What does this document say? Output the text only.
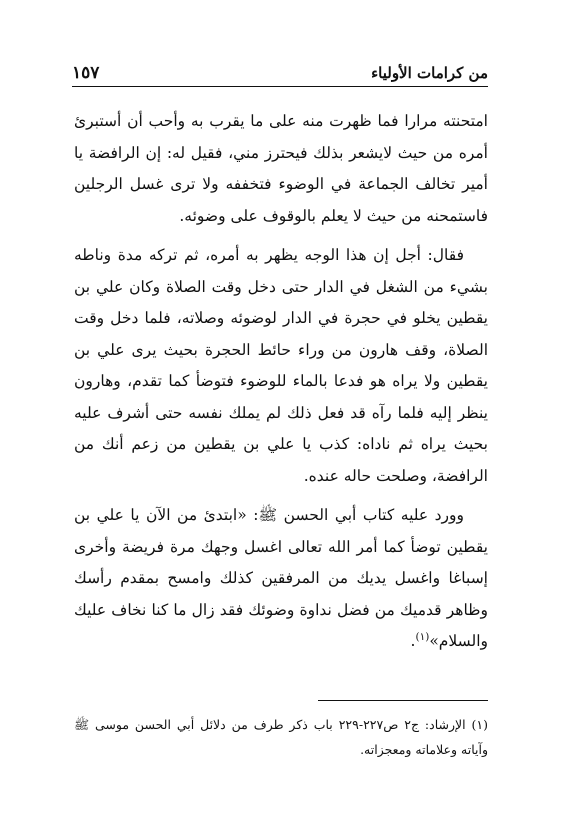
من كرامات الأولياء
١٥٧

امتحنته مرارا فما ظهرت منه على ما يقرب به وأحب أن أستبرئ أمره من حيث لايشعر بذلك فيحترز مني، فقيل له: إن الرافضة يا أمير تخالف الجماعة في الوضوء فتخففه ولا ترى غسل الرجلين فاستمحنه من حيث لا يعلم بالوقوف على وضوئه.

فقال: أجل إن هذا الوجه يظهر به أمره، ثم تركه مدة وناطه بشيء من الشغل في الدار حتى دخل وقت الصلاة وكان علي بن يقطين يخلو في حجرة في الدار لوضوئه وصلاته، فلما دخل وقت الصلاة، وقف هارون من وراء حائط الحجرة بحيث يرى علي بن يقطين ولا يراه هو فدعا بالماء للوضوء فتوضأ كما تقدم، وهارون ينظر إليه فلما رآه قد فعل ذلك لم يملك نفسه حتى أشرف عليه بحيث يراه ثم ناداه: كذب يا علي بن يقطين من زعم أنك من الرافضة، وصلحت حاله عنده.

وورد عليه كتاب أبي الحسن ﷺ: «ابتدئ من الآن يا علي بن يقطين توضأ كما أمر الله تعالى اغسل وجهك مرة فريضة وأخرى إسباغا واغسل يديك من المرفقين كذلك وامسح بمقدم رأسك وظاهر قدميك من فضل نداوة وضوئك فقد زال ما كنا نخاف عليك والسلام»$^{(١)}$.

(١) الإرشاد: ج٢ ص٢٢٧-٢٢٩ باب ذكر طرف من دلائل أبي الحسن موسى ﷺ وآياته وعلاماته ومعجزاته.
